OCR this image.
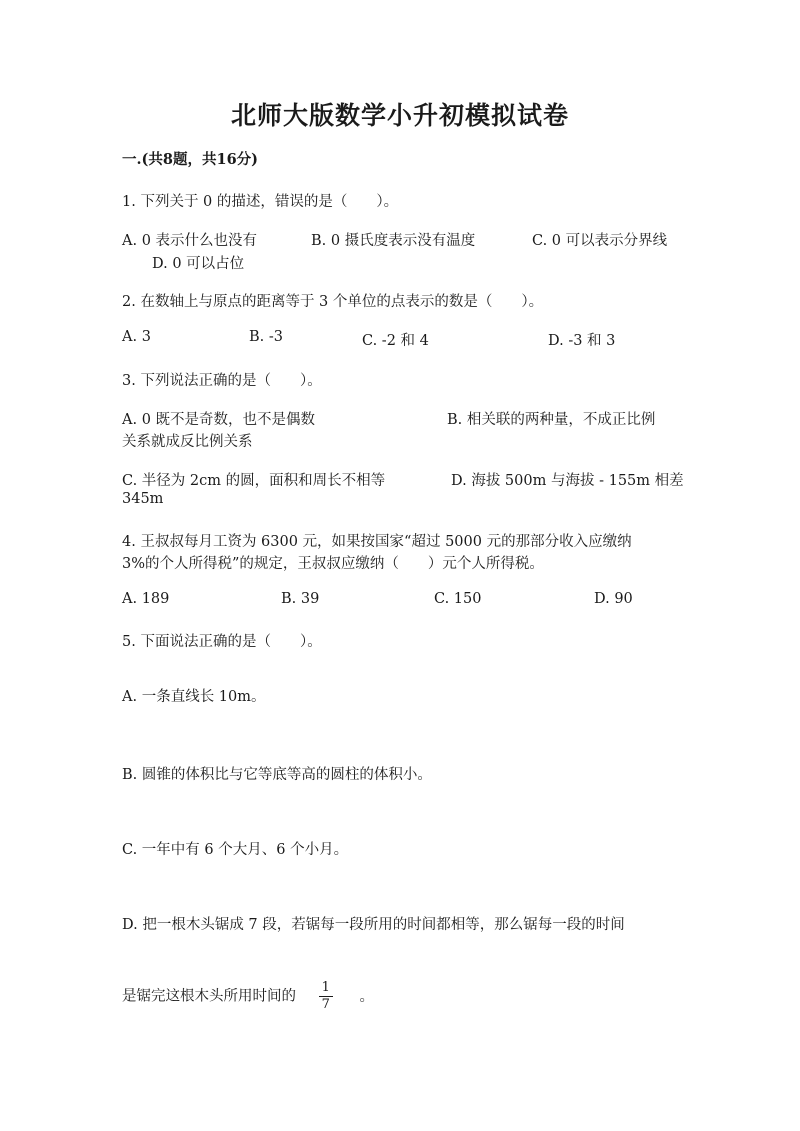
北师大版数学小升初模拟试卷
一.(共8题，共16分)
1. 下列关于 0 的描述，错误的是（　　）。
A. 0 表示什么也没有	B. 0 摄氏度表示没有温度	C. 0 可以表示分界线
D. 0 可以占位
2. 在数轴上与原点的距离等于 3 个单位的点表示的数是（　　）。
A. 3	B. -3	C. -2 和 4	D. -3 和 3
3. 下列说法正确的是（　　）。
A. 0 既不是奇数，也不是偶数	B. 相关联的两种量，不成正比例
关系就成反比例关系
C. 半径为 2cm 的圆，面积和周长不相等	D. 海拔 500m 与海拔 - 155m 相差
345m
4. 王叔叔每月工资为 6300 元，如果按国家“超过 5000 元的那部分收入应缴纳
3%的个人所得税”的规定，王叔叔应缴纳（　　）元个人所得税。
A. 189	B. 39	C. 150	D. 90
5. 下面说法正确的是（　　）。
A. 一条直线长 10m。
B. 圆锥的体积比与它等底等高的圆柱的体积小。
C. 一年中有 6 个大月、6 个小月。
D. 把一根木头锯成 7 段，若锯每一段所用的时间都相等，那么锯每一段的时间
是锯完这根木头所用时间的 $\frac{1}{7}$ 。
